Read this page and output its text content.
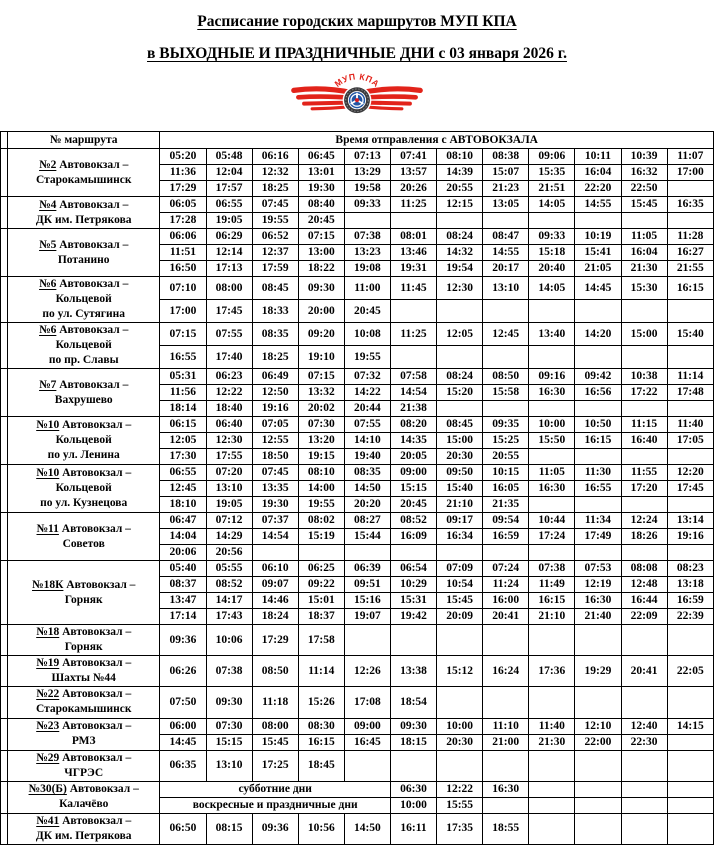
Расписание городских маршрутов МУП КПА
в ВЫХОДНЫЕ И ПРАЗДНИЧНЫЕ ДНИ с 03 января 2026 г.
МУП КПА
	№ маршрута	Время отправления с АВТОВОКЗАЛА											
	№2 Автовокзал –
Старокамышинск	05:20	05:48	06:16	06:45	07:13	07:41	08:10	08:38	09:06	10:11	10:39	11:07
		11:36	12:04	12:32	13:01	13:29	13:57	14:39	15:07	15:35	16:04	16:32	17:00
		17:29	17:57	18:25	19:30	19:58	20:26	20:55	21:23	21:51	22:20	22:50	
	№4 Автовокзал –
ДК им. Петрякова	06:05	06:55	07:45	08:40	09:33	11:25	12:15	13:05	14:05	14:55	15:45	16:35
		17:28	19:05	19:55	20:45								
	№5 Автовокзал –
Потанино	06:06	06:29	06:52	07:15	07:38	08:01	08:24	08:47	09:33	10:19	11:05	11:28
		11:51	12:14	12:37	13:00	13:23	13:46	14:32	14:55	15:18	15:41	16:04	16:27
		16:50	17:13	17:59	18:22	19:08	19:31	19:54	20:17	20:40	21:05	21:30	21:55
	№6 Автовокзал –
Кольцевой
по ул. Сутягина	07:10	08:00	08:45	09:30	11:00	11:45	12:30	13:10	14:05	14:45	15:30	16:15
		17:00	17:45	18:33	20:00	20:45							
	№6 Автовокзал –
Кольцевой
по пр. Славы	07:15	07:55	08:35	09:20	10:08	11:25	12:05	12:45	13:40	14:20	15:00	15:40
		16:55	17:40	18:25	19:10	19:55							
	№7 Автовокзал –
Вахрушево	05:31	06:23	06:49	07:15	07:32	07:58	08:24	08:50	09:16	09:42	10:38	11:14
		11:56	12:22	12:50	13:32	14:22	14:54	15:20	15:58	16:30	16:56	17:22	17:48
		18:14	18:40	19:16	20:02	20:44	21:38						
	№10 Автовокзал –
Кольцевой
по ул. Ленина	06:15	06:40	07:05	07:30	07:55	08:20	08:45	09:35	10:00	10:50	11:15	11:40
		12:05	12:30	12:55	13:20	14:10	14:35	15:00	15:25	15:50	16:15	16:40	17:05
		17:30	17:55	18:50	19:15	19:40	20:05	20:30	20:55				
	№10 Автовокзал –
Кольцевой
по ул. Кузнецова	06:55	07:20	07:45	08:10	08:35	09:00	09:50	10:15	11:05	11:30	11:55	12:20
		12:45	13:10	13:35	14:00	14:50	15:15	15:40	16:05	16:30	16:55	17:20	17:45
		18:10	19:05	19:30	19:55	20:20	20:45	21:10	21:35				
	№11 Автовокзал –
Советов	06:47	07:12	07:37	08:02	08:27	08:52	09:17	09:54	10:44	11:34	12:24	13:14
		14:04	14:29	14:54	15:19	15:44	16:09	16:34	16:59	17:24	17:49	18:26	19:16
		20:06	20:56										
	№18К Автовокзал –
Горняк	05:40	05:55	06:10	06:25	06:39	06:54	07:09	07:24	07:38	07:53	08:08	08:23
		08:37	08:52	09:07	09:22	09:51	10:29	10:54	11:24	11:49	12:19	12:48	13:18
		13:47	14:17	14:46	15:01	15:16	15:31	15:45	16:00	16:15	16:30	16:44	16:59
		17:14	17:43	18:24	18:37	19:07	19:42	20:09	20:41	21:10	21:40	22:09	22:39
	№18 Автовокзал –
Горняк	09:36	10:06	17:29	17:58								
	№19 Автовокзал –
Шахты №44	06:26	07:38	08:50	11:14	12:26	13:38	15:12	16:24	17:36	19:29	20:41	22:05
	№22 Автовокзал –
Старокамышинск	07:50	09:30	11:18	15:26	17:08	18:54						
	№23 Автовокзал –
РМЗ	06:00	07:30	08:00	08:30	09:00	09:30	10:00	11:10	11:40	12:10	12:40	14:15
		14:45	15:15	15:45	16:15	16:45	18:15	20:30	21:00	21:30	22:00	22:30	
	№29 Автовокзал –
ЧГРЭС	06:35	13:10	17:25	18:45								
	№30(Б) Автовокзал –
Калачёво	субботние дни					06:30	12:22	16:30				
		воскресные и праздничные дни					10:00	15:55					
	№41 Автовокзал –
ДК им. Петрякова	06:50	08:15	09:36	10:56	14:50	16:11	17:35	18:55				
